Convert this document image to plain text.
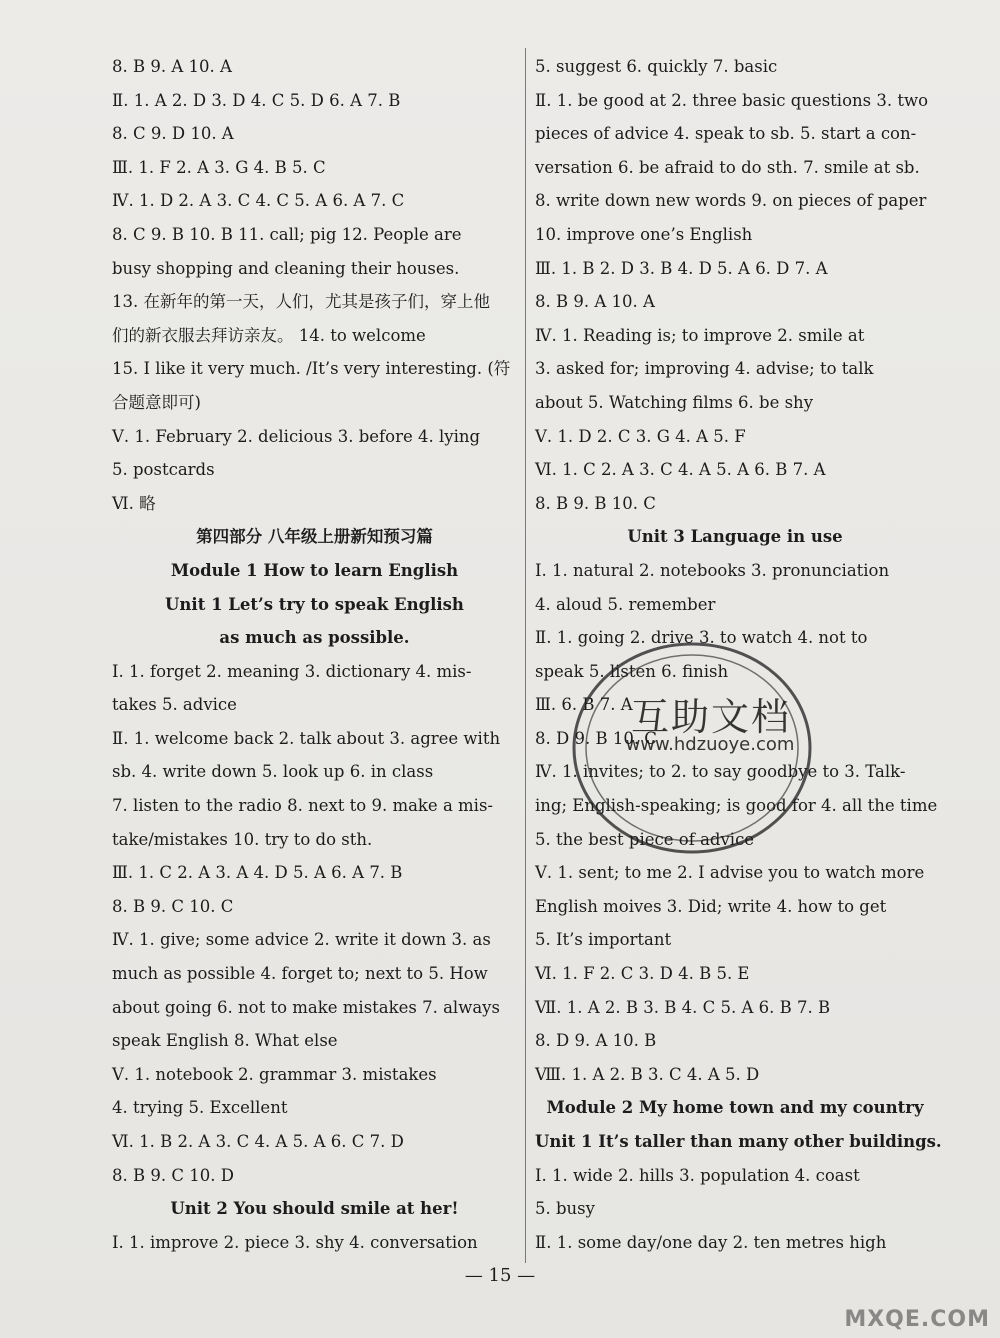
8. B 9. A 10. A
Ⅱ. 1. A 2. D 3. D 4. C 5. D 6. A 7. B
8. C 9. D 10. A
Ⅲ. 1. F 2. A 3. G 4. B 5. C
Ⅳ. 1. D 2. A 3. C 4. C 5. A 6. A 7. C
8. C 9. B 10. B 11. call; pig 12. People are
busy shopping and cleaning their houses.
13. 在新年的第一天，人们，尤其是孩子们，穿上他
们的新衣服去拜访亲友。 14. to welcome
15. I like it very much. /It’s very interesting. (符
合题意即可)
Ⅴ. 1. February 2. delicious 3. before 4. lying
5. postcards
Ⅵ. 略
第四部分 八年级上册新知预习篇
Module 1 How to learn English
Unit 1 Let’s try to speak English
as much as possible.
Ⅰ. 1. forget 2. meaning 3. dictionary 4. mis-
takes 5. advice
Ⅱ. 1. welcome back 2. talk about 3. agree with
sb. 4. write down 5. look up 6. in class
7. listen to the radio 8. next to 9. make a mis-
take/mistakes 10. try to do sth.
Ⅲ. 1. C 2. A 3. A 4. D 5. A 6. A 7. B
8. B 9. C 10. C
Ⅳ. 1. give; some advice 2. write it down 3. as
much as possible 4. forget to; next to 5. How
about going 6. not to make mistakes 7. always
speak English 8. What else
Ⅴ. 1. notebook 2. grammar 3. mistakes
4. trying 5. Excellent
Ⅵ. 1. B 2. A 3. C 4. A 5. A 6. C 7. D
8. B 9. C 10. D
Unit 2 You should smile at her!
Ⅰ. 1. improve 2. piece 3. shy 4. conversation
5. suggest 6. quickly 7. basic
Ⅱ. 1. be good at 2. three basic questions 3. two
pieces of advice 4. speak to sb. 5. start a con-
versation 6. be afraid to do sth. 7. smile at sb.
8. write down new words 9. on pieces of paper
10. improve one’s English
Ⅲ. 1. B 2. D 3. B 4. D 5. A 6. D 7. A
8. B 9. A 10. A
Ⅳ. 1. Reading is; to improve 2. smile at
3. asked for; improving 4. advise; to talk
about 5. Watching films 6. be shy
Ⅴ. 1. D 2. C 3. G 4. A 5. F
Ⅵ. 1. C 2. A 3. C 4. A 5. A 6. B 7. A
8. B 9. B 10. C
Unit 3 Language in use
Ⅰ. 1. natural 2. notebooks 3. pronunciation
4. aloud 5. remember
Ⅱ. 1. going 2. drive 3. to watch 4. not to
speak 5. listen 6. finish
Ⅲ. 6. B 7. A
8. D 9. B 10. C
Ⅳ. 1. invites; to 2. to say goodbye to 3. Talk-
ing; English-speaking; is good for 4. all the time
5. the best piece of advice
Ⅴ. 1. sent; to me 2. I advise you to watch more
English moives 3. Did; write 4. how to get
5. It’s important
Ⅵ. 1. F 2. C 3. D 4. B 5. E
Ⅶ. 1. A 2. B 3. B 4. C 5. A 6. B 7. B
8. D 9. A 10. B
Ⅷ. 1. A 2. B 3. C 4. A 5. D
Module 2 My home town and my country
Unit 1 It’s taller than many other buildings.
Ⅰ. 1. wide 2. hills 3. population 4. coast
5. busy
Ⅱ. 1. some day/one day 2. ten metres high
互助文档
www.hdzuoye.com
— 15 —
MXQE.COM
